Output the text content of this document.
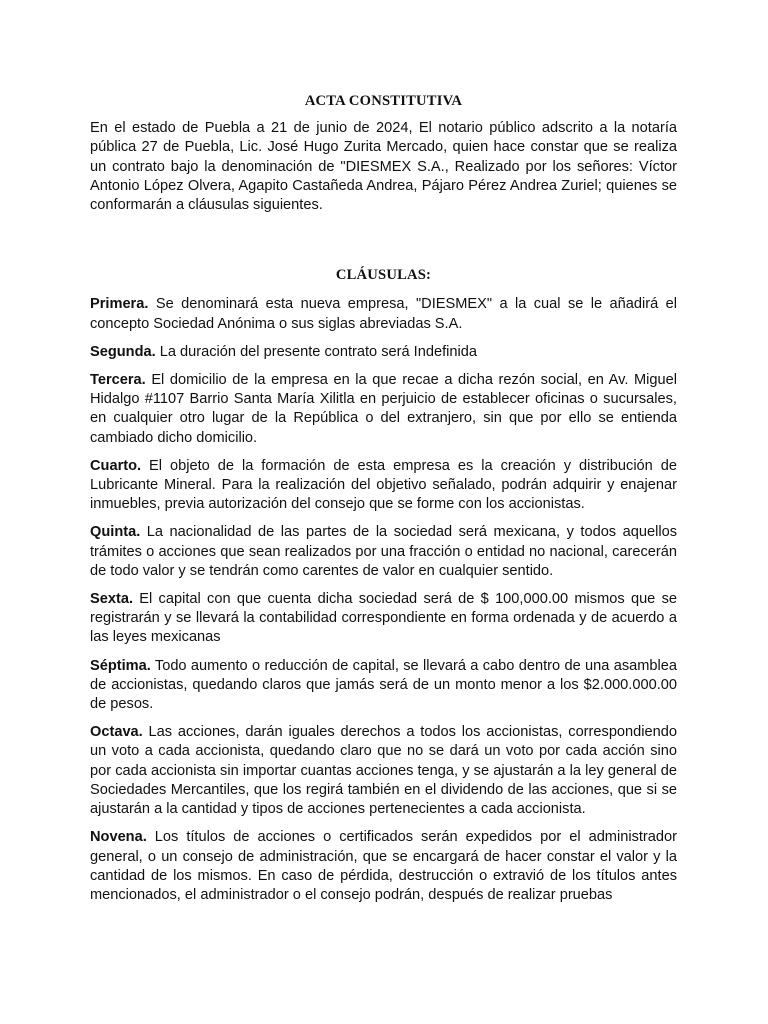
ACTA CONSTITUTIVA

En el estado de Puebla a 21 de junio de 2024, El notario público adscrito a la notaría pública 27 de Puebla, Lic. José Hugo Zurita Mercado, quien hace constar que se realiza un contrato bajo la denominación de "DIESMEX S.A., Realizado por los señores: Víctor Antonio López Olvera, Agapito Castañeda Andrea, Pájaro Pérez Andrea Zuriel; quienes se conformarán a cláusulas siguientes.

CLÁUSULAS:

Primera. Se denominará esta nueva empresa, "DIESMEX" a la cual se le añadirá el concepto Sociedad Anónima o sus siglas abreviadas S.A.

Segunda. La duración del presente contrato será Indefinida

Tercera. El domicilio de la empresa en la que recae a dicha rezón social, en Av. Miguel Hidalgo #1107 Barrio Santa María Xilitla en perjuicio de establecer oficinas o sucursales, en cualquier otro lugar de la República o del extranjero, sin que por ello se entienda cambiado dicho domicilio.

Cuarto. El objeto de la formación de esta empresa es la creación y distribución de Lubricante Mineral. Para la realización del objetivo señalado, podrán adquirir y enajenar inmuebles, previa autorización del consejo que se forme con los accionistas.

Quinta. La nacionalidad de las partes de la sociedad será mexicana, y todos aquellos trámites o acciones que sean realizados por una fracción o entidad no nacional, carecerán de todo valor y se tendrán como carentes de valor en cualquier sentido.

Sexta. El capital con que cuenta dicha sociedad será de $ 100,000.00 mismos que se registrarán y se llevará la contabilidad correspondiente en forma ordenada y de acuerdo a las leyes mexicanas

Séptima. Todo aumento o reducción de capital, se llevará a cabo dentro de una asamblea de accionistas, quedando claros que jamás será de un monto menor a los $2.000.000.00 de pesos.

Octava. Las acciones, darán iguales derechos a todos los accionistas, correspondiendo un voto a cada accionista, quedando claro que no se dará un voto por cada acción sino por cada accionista sin importar cuantas acciones tenga, y se ajustarán a la ley general de Sociedades Mercantiles, que los regirá también en el dividendo de las acciones, que si se ajustarán a la cantidad y tipos de acciones pertenecientes a cada accionista.

Novena. Los títulos de acciones o certificados serán expedidos por el administrador general, o un consejo de administración, que se encargará de hacer constar el valor y la cantidad de los mismos. En caso de pérdida, destrucción o extravió de los títulos antes mencionados, el administrador o el consejo podrán, después de realizar pruebas
